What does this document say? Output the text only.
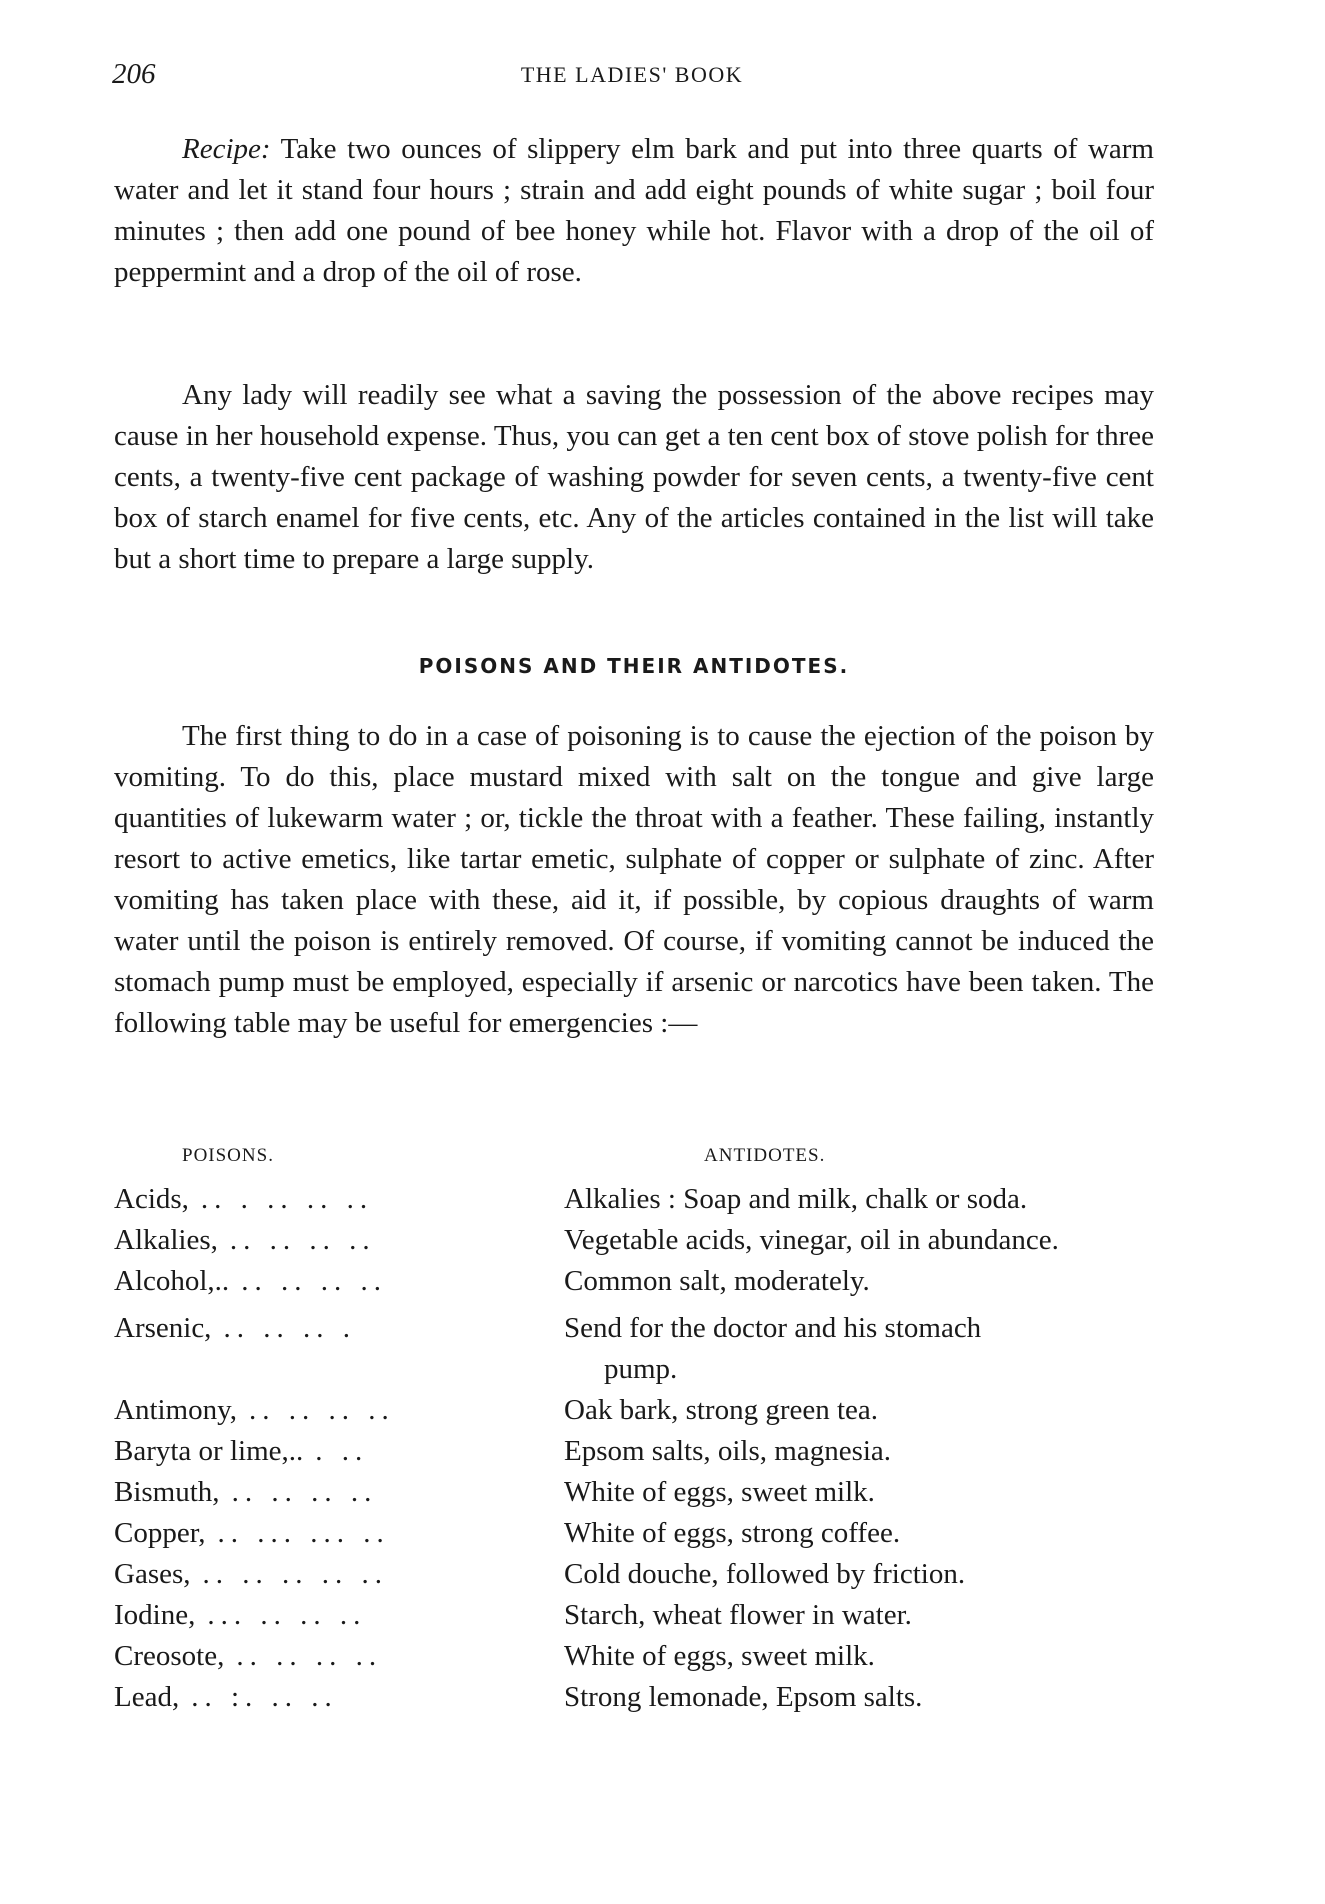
206	THE LADIES' BOOK

Recipe: Take two ounces of slippery elm bark and put into three quarts of warm water and let it stand four hours ; strain and add eight pounds of white sugar ; boil four minutes ; then add one pound of bee honey while hot. Flavor with a drop of the oil of peppermint and a drop of the oil of rose.

Any lady will readily see what a saving the possession of the above recipes may cause in her household expense. Thus, you can get a ten cent box of stove polish for three cents, a twenty-five cent package of washing powder for seven cents, a twenty-five cent box of starch enamel for five cents, etc. Any of the articles contained in the list will take but a short time to prepare a large supply.

POISONS AND THEIR ANTIDOTES.

The first thing to do in a case of poisoning is to cause the ejection of the poison by vomiting. To do this, place mustard mixed with salt on the tongue and give large quantities of lukewarm water ; or, tickle the throat with a feather. These failing, instantly resort to active emetics, like tartar emetic, sulphate of copper or sulphate of zinc. After vomiting has taken place with these, aid it, if possible, by copious draughts of warm water until the poison is entirely removed. Of course, if vomiting cannot be induced the stomach pump must be employed, especially if arsenic or narcotics have been taken. The following table may be useful for emergencies :—

POISONS.	ANTIDOTES.
Acids, .. . .. .. ..	Alkalies : Soap and milk, chalk or soda.
Alkalies, .. .. .. ..	Vegetable acids, vinegar, oil in abundance.
Alcohol,.. .. .. .. ..	Common salt, moderately.
Arsenic, .. .. .. .	Send for the doctor and his stomach
pump.
Antimony, .. .. .. ..	Oak bark, strong green tea.
Baryta or lime,.. . ..	Epsom salts, oils, magnesia.
Bismuth, .. .. .. ..	White of eggs, sweet milk.
Copper, .. ... ... ..	White of eggs, strong coffee.
Gases, .. .. .. .. ..	Cold douche, followed by friction.
Iodine, ... .. .. ..	Starch, wheat flower in water.
Creosote, .. .. .. ..	White of eggs, sweet milk.
Lead, .. :. .. ..	Strong lemonade, Epsom salts.
